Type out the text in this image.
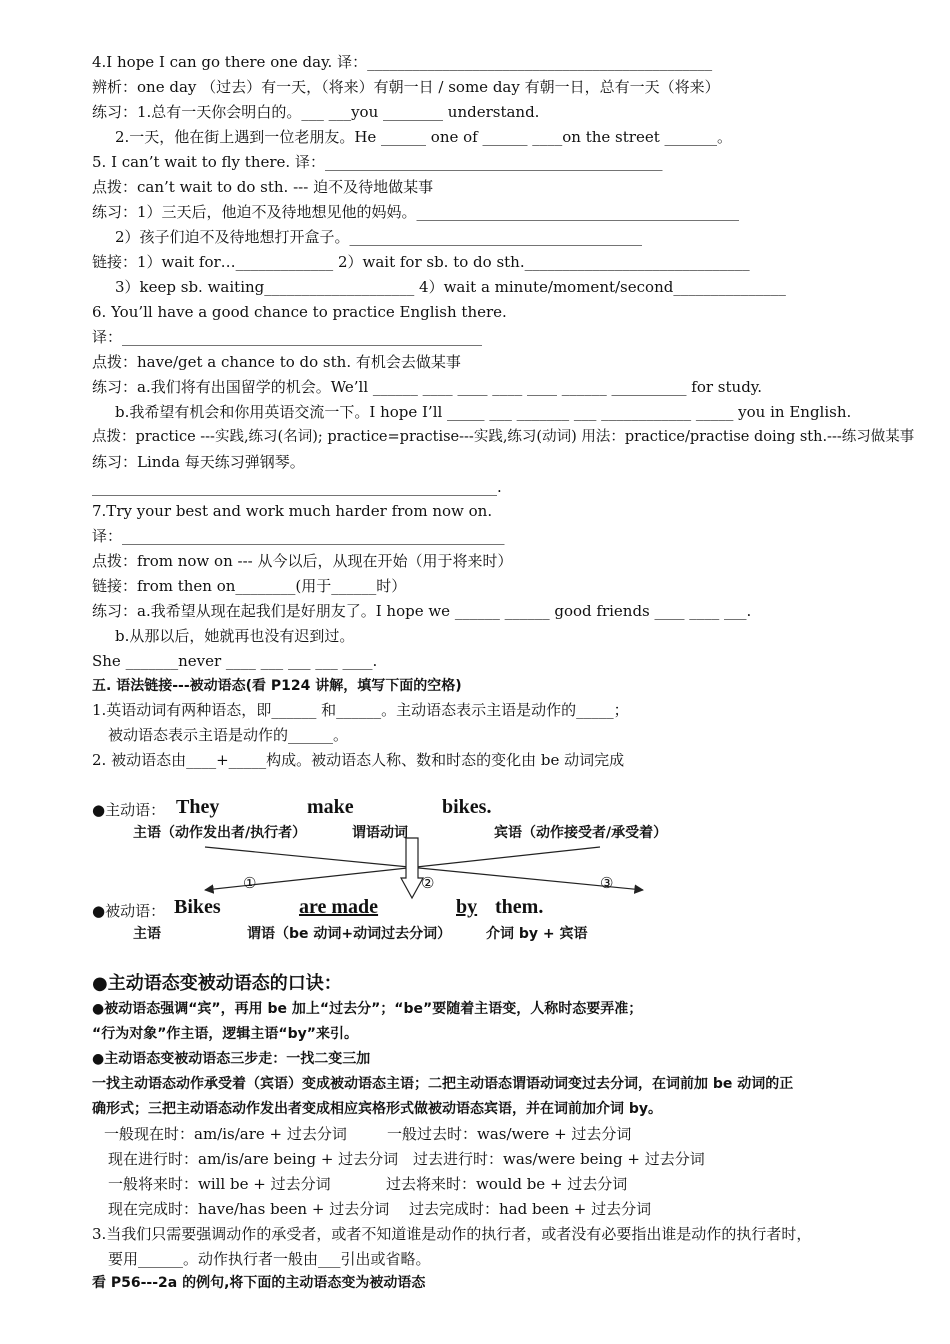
4.I hope I can go there one day. 译：______________________________________________
辨析：one day （过去）有一天，（将来）有朝一日 / some day 有朝一日，总有一天（将来）
练习：1.总有一天你会明白的。___ ___you ________ understand.
2.一天，他在街上遇到一位老朋友。He ______ one of ______ ____on the street _______。
5. I can’t wait to fly there. 译：_____________________________________________
点拨：can’t wait to do sth. --- 迫不及待地做某事
练习：1）三天后，他迫不及待地想见他的妈妈。___________________________________________
2）孩子们迫不及待地想打开盒子。_______________________________________
链接：1）wait for…_____________ 2）wait for sb. to do sth.______________________________
3）keep sb. waiting____________________ 4）wait a minute/moment/second_______________
6. You’ll have a good chance to practice English there.
译：________________________________________________
点拨：have/get a chance to do sth. 有机会去做某事
练习：a.我们将有出国留学的机会。We’ll ______ ____ ____ ____ ____ ______ __________ for study.
b.我希望有机会和你用英语交流一下。I hope I’ll _____ ___ _______ ___ ____________ _____ you in English.
点拨：practice ---实践,练习(名词); practice=practise---实践,练习(动词) 用法：practice/practise doing sth.---练习做某事
练习：Linda 每天练习弹钢琴。
______________________________________________________.
7.Try your best and work much harder from now on.
译：___________________________________________________
点拨：from now on --- 从今以后，从现在开始（用于将来时）
链接：from then on________(用于______时）
练习：a.我希望从现在起我们是好朋友了。I hope we ______ ______ good friends ____ ____ ___.
b.从那以后，她就再也没有迟到过。
She _______never ____ ___ ___ ___ ____.
五. 语法链接---被动语态(看 P124 讲解，填写下面的空格)
1.英语动词有两种语态，即______ 和______。主动语态表示主语是动作的_____；
被动语态表示主语是动作的______。
2. 被动语态由____+_____构成。被动语态人称、数和时态的变化由 be 动词完成
●主动语： They	make	bikes.
主语（动作发出者/执行者）	谓语动词	宾语（动作接受者/承受着）
①	②	③
●被动语： Bikes	are made	by them.
主语	谓语（be 动词+动词过去分词） 介词 by + 宾语
●主动语态变被动语态的口诀：
●被动语态强调“宾”，再用 be 加上“过去分”；“be”要随着主语变，人称时态要弄准；
“行为对象”作主语，逻辑主语“by”来引。
●主动语态变被动语态三步走：一找二变三加
一找主动语态动作承受着（宾语）变成被动语态主语；二把主动语态谓语动词变过去分词，在词前加 be 动词的正
确形式；三把主动语态动作发出者变成相应宾格形式做被动语态宾语，并在词前加介词 by。
一般现在时：am/is/are + 过去分词	一般过去时：was/were + 过去分词
现在进行时：am/is/are being + 过去分词 过去进行时：was/were being + 过去分词
一般将来时：will be + 过去分词	过去将来时：would be + 过去分词
现在完成时：have/has been + 过去分词 过去完成时：had been + 过去分词
3.当我们只需要强调动作的承受者，或者不知道谁是动作的执行者，或者没有必要指出谁是动作的执行者时，
要用______。动作执行者一般由___引出或省略。
看 P56---2a 的例句,将下面的主动语态变为被动语态
